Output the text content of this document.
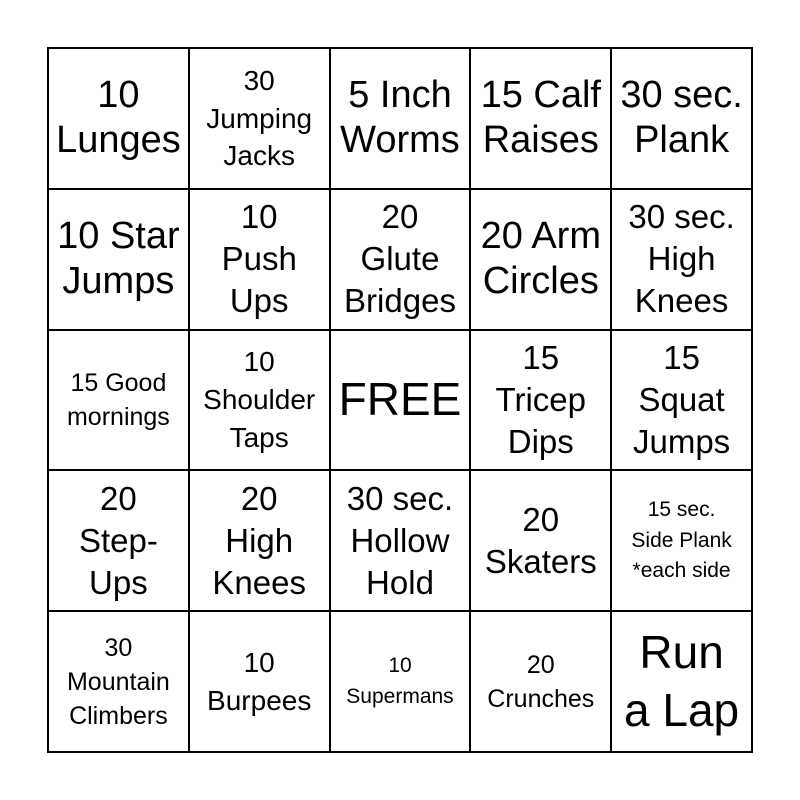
10
Lunges
30
Jumping
Jacks
5 Inch
Worms
15 Calf
Raises
30 sec.
Plank
10 Star
Jumps
10
Push
Ups
20
Glute
Bridges
20 Arm
Circles
30 sec.
High
Knees
15 Good
mornings
10
Shoulder
Taps
FREE
15
Tricep
Dips
15
Squat
Jumps
20
Step-
Ups
20
High
Knees
30 sec.
Hollow
Hold
20
Skaters
15 sec.
Side Plank
*each side
30
Mountain
Climbers
10
Burpees
10
Supermans
20
Crunches
Run
a Lap
